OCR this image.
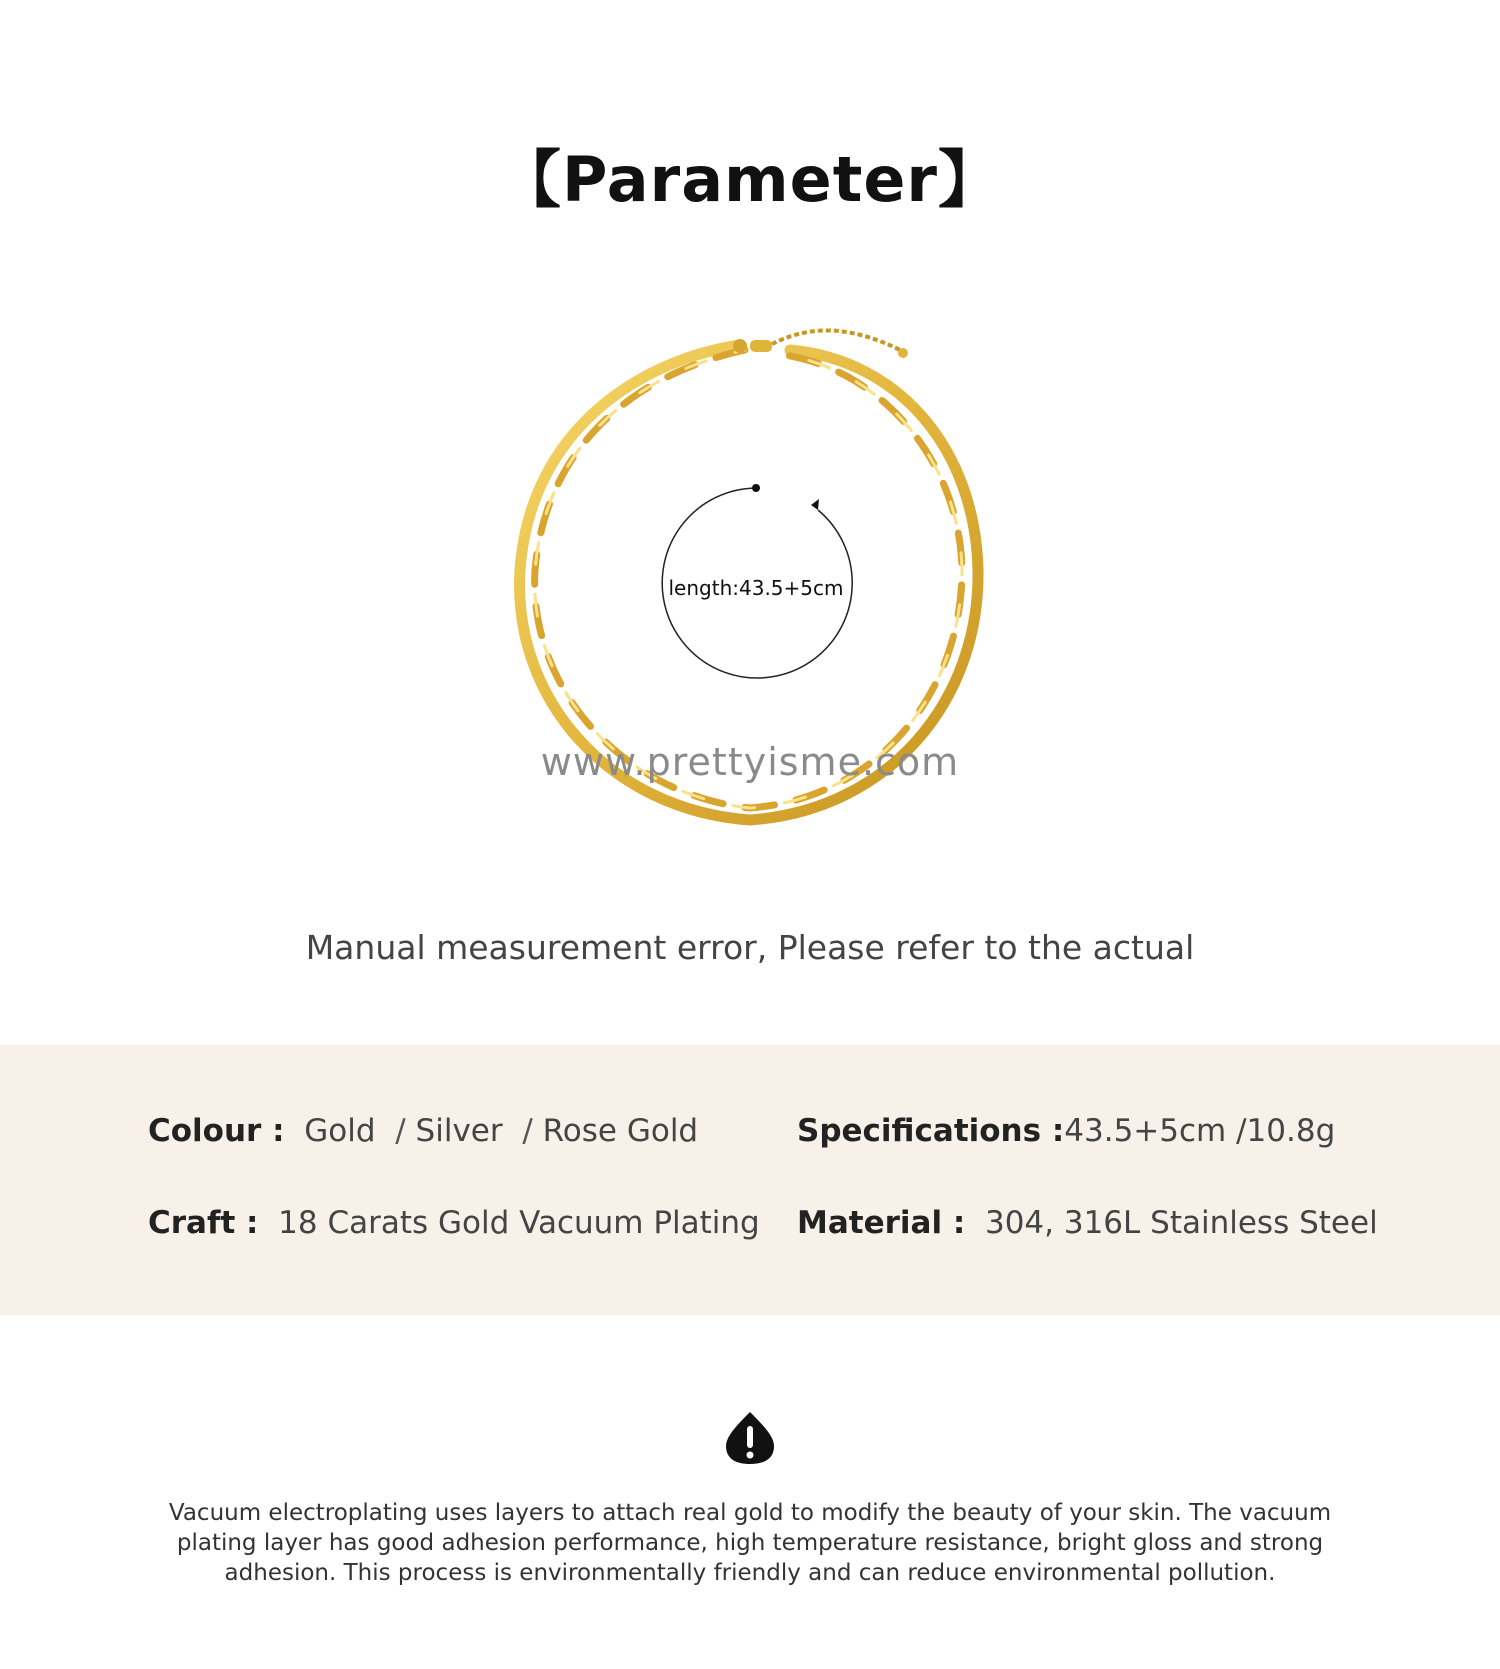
【Parameter】
length:43.5+5cm
www.prettyisme.com
Manual measurement error, Please refer to the actual
Colour : Gold  / Silver  / Rose Gold	Specifications :43.5+5cm /10.8g
Craft : 18 Carats Gold Vacuum Plating Material : 304, 316L Stainless Steel
Vacuum electroplating uses layers to attach real gold to modify the beauty of your skin. The vacuum plating layer has good adhesion performance, high temperature resistance, bright gloss and strong adhesion. This process is environmentally friendly and can reduce environmental pollution.
